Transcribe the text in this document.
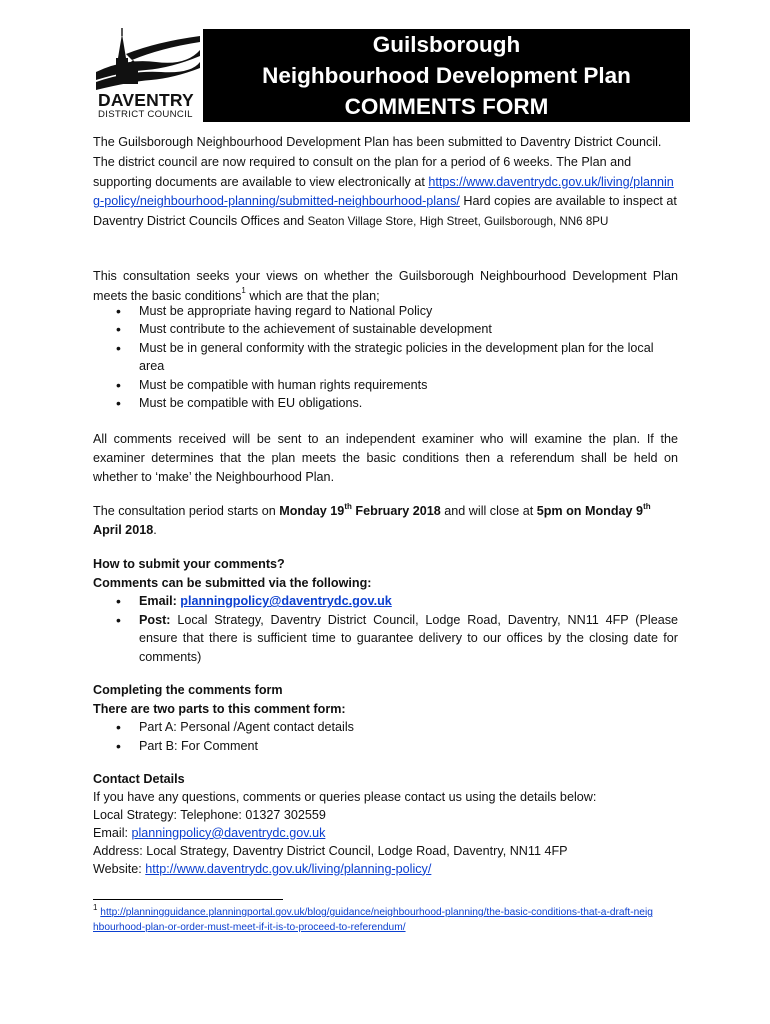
DAVENTRY
DISTRICT COUNCIL
Guilsborough
Neighbourhood Development Plan
COMMENTS FORM
The Guilsborough Neighbourhood Development Plan has been submitted to Daventry District Council. The district council are now required to consult on the plan for a period of 6 weeks. The Plan and supporting documents are available to view electronically at https://www.daventrydc.gov.uk/living/planning-policy/neighbourhood-planning/submitted-neighbourhood-plans/ Hard copies are available to inspect at Daventry District Councils Offices and Seaton Village Store, High Street, Guilsborough, NN6 8PU
This consultation seeks your views on whether the Guilsborough Neighbourhood Development Plan meets the basic conditions$^1$ which are that the plan;
• Must be appropriate having regard to National Policy
• Must contribute to the achievement of sustainable development
• Must be in general conformity with the strategic policies in the development plan for the local area
• Must be compatible with human rights requirements
• Must be compatible with EU obligations.
All comments received will be sent to an independent examiner who will examine the plan. If the examiner determines that the plan meets the basic conditions then a referendum shall be held on whether to ‘make’ the Neighbourhood Plan.
The consultation period starts on Monday 19th February 2018 and will close at 5pm on Monday 9th April 2018.
How to submit your comments?
Comments can be submitted via the following:
• Email: planningpolicy@daventrydc.gov.uk
• Post: Local Strategy, Daventry District Council, Lodge Road, Daventry, NN11 4FP (Please ensure that there is sufficient time to guarantee delivery to our offices by the closing date for comments)
Completing the comments form
There are two parts to this comment form:
• Part A: Personal /Agent contact details
• Part B: For Comment
Contact Details
If you have any questions, comments or queries please contact us using the details below:
Local Strategy: Telephone: 01327 302559
Email: planningpolicy@daventrydc.gov.uk
Address: Local Strategy, Daventry District Council, Lodge Road, Daventry, NN11 4FP
Website: http://www.daventrydc.gov.uk/living/planning-policy/
$^1$ http://planningguidance.planningportal.gov.uk/blog/guidance/neighbourhood-planning/the-basic-conditions-that-a-draft-neighbourhood-plan-or-order-must-meet-if-it-is-to-proceed-to-referendum/
